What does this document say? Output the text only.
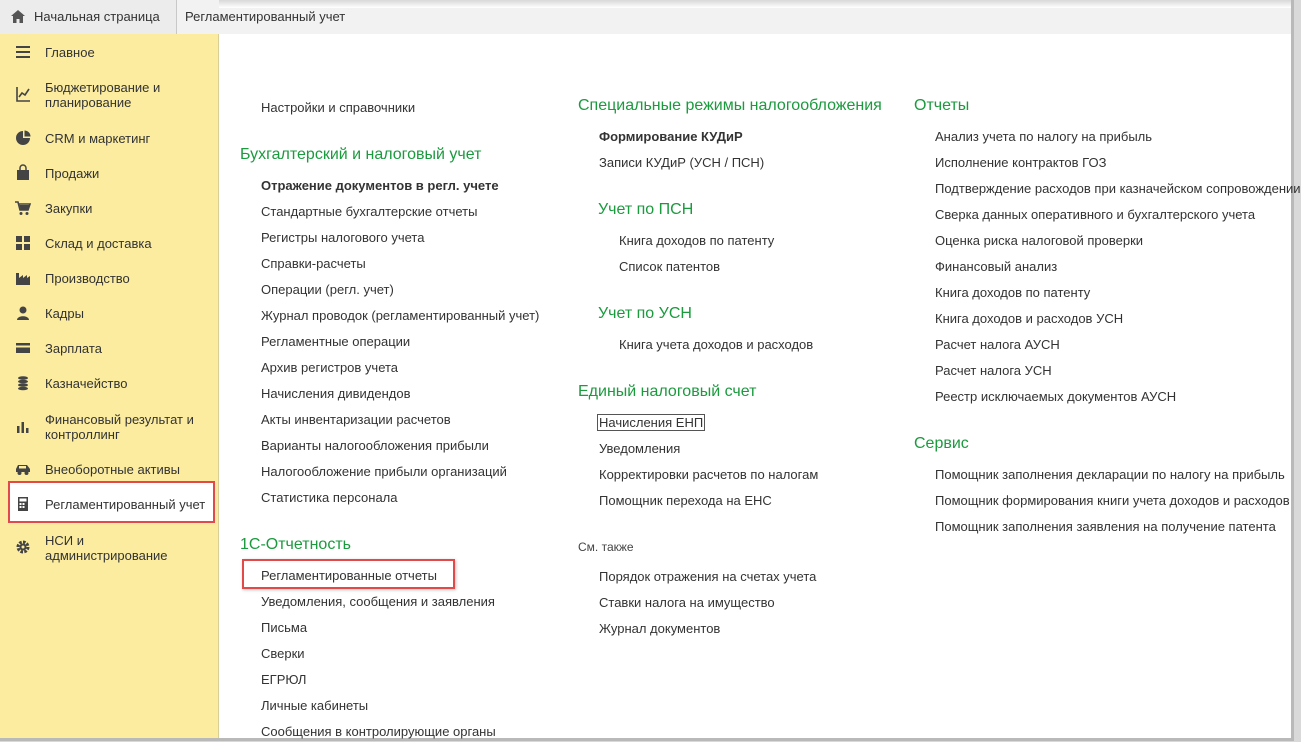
Начальная страница	Регламентированный учет
Главное
Бюджетирование и планирование
CRM и маркетинг
Продажи
Закупки
Склад и доставка
Производство
Кадры
Зарплата
Казначейство
Финансовый результат и контроллинг
Внеоборотные активы
Регламентированный учет
НСИ и администрирование
Настройки и справочники
Бухгалтерский и налоговый учет
Отражение документов в регл. учете
Стандартные бухгалтерские отчеты
Регистры налогового учета
Справки-расчеты
Операции (регл. учет)
Журнал проводок (регламентированный учет)
Регламентные операции
Архив регистров учета
Начисления дивидендов
Акты инвентаризации расчетов
Варианты налогообложения прибыли
Налогообложение прибыли организаций
Статистика персонала
1С-Отчетность
Регламентированные отчеты
Уведомления, сообщения и заявления
Письма
Сверки
ЕГРЮЛ
Личные кабинеты
Сообщения в контролирующие органы
Специальные режимы налогообложения
Формирование КУДиР
Записи КУДиР (УСН / ПСН)
Учет по ПСН
Книга доходов по патенту
Список патентов
Учет по УСН
Книга учета доходов и расходов
Единый налоговый счет
Начисления ЕНП
Уведомления
Корректировки расчетов по налогам
Помощник перехода на ЕНС
См. также
Порядок отражения на счетах учета
Ставки налога на имущество
Журнал документов
Отчеты
Анализ учета по налогу на прибыль
Исполнение контрактов ГОЗ
Подтверждение расходов при казначейском сопровождении
Сверка данных оперативного и бухгалтерского учета
Оценка риска налоговой проверки
Финансовый анализ
Книга доходов по патенту
Книга доходов и расходов УСН
Расчет налога АУСН
Расчет налога УСН
Реестр исключаемых документов АУСН
Сервис
Помощник заполнения декларации по налогу на прибыль
Помощник формирования книги учета доходов и расходов
Помощник заполнения заявления на получение патента
